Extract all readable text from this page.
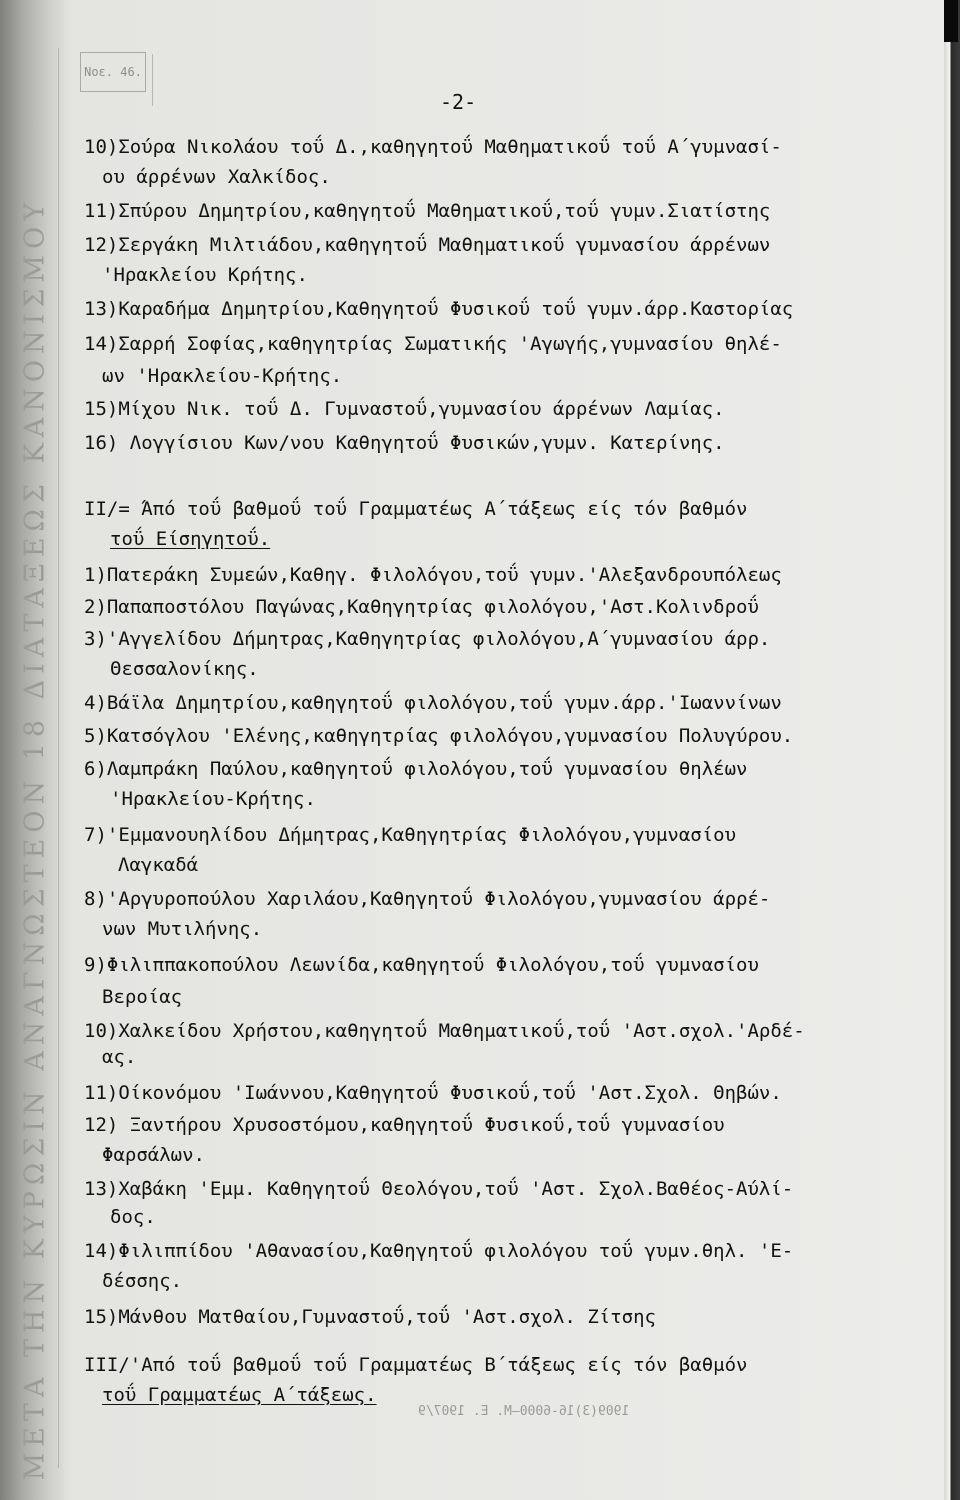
ΜΕΤΑ ΤΗΝ ΚΥΡΩΣΙΝ ΑΝΑΓΝΩΣΤΕΟΝ 18 ΔΙΑΤΑΞΕΩΣ ΚΑΝΟΝΙΣΜΟΥ
Νοε. 46.
-2-
10)Σούρα Νικολάου τοΰ Δ.,καθηγητοΰ Μαθηματικοΰ τοΰ Α΄γυμνασί-
ου άρρένων Χαλκίδος.
11)Σπύρου Δημητρίου,καθηγητοΰ Μαθηματικοΰ,τοΰ γυμν.Σιατίστης
12)Σεργάκη Μιλτιάδου,καθηγητοΰ Μαθηματικοΰ γυμνασίου άρρένων
'Ηρακλείου Κρήτης.
13)Καραδήμα Δημητρίου,Καθηγητοΰ Φυσικοΰ τοΰ γυμν.άρρ.Καστορίας
14)Σαρρή Σοφίας,καθηγητρίας Σωματικής 'Αγωγής,γυμνασίου θηλέ-
ων 'Ηρακλείου-Κρήτης.
15)Μίχου Νικ. τοΰ Δ. Γυμναστοΰ,γυμνασίου άρρένων Λαμίας.
16) Λογγίσιου Κων/νου Καθηγητοΰ Φυσικών,γυμν. Κατερίνης.
ΙΙ/= Άπό τοΰ βαθμοΰ τοΰ Γραμματέως Α΄τάξεως είς τόν βαθμόν
τοΰ Είσηγητοΰ.
1)Πατεράκη Συμεών,Καθηγ. Φιλολόγου,τοΰ γυμν.'Αλεξανδρουπόλεως
2)Παπαποστόλου Παγώνας,Καθηγητρίας φιλολόγου,'Αστ.Κολινδροΰ
3)'Αγγελίδου Δήμητρας,Καθηγητρίας φιλολόγου,Α΄γυμνασίου άρρ.
Θεσσαλονίκης.
4)Βάϊλα Δημητρίου,καθηγητοΰ φιλολόγου,τοΰ γυμν.άρρ.'Ιωαννίνων
5)Κατσόγλου 'Ελένης,καθηγητρίας φιλολόγου,γυμνασίου Πολυγύρου.
6)Λαμπράκη Παύλου,καθηγητοΰ φιλολόγου,τοΰ γυμνασίου θηλέων
'Ηρακλείου-Κρήτης.
7)'Εμμανουηλίδου Δήμητρας,Καθηγητρίας Φιλολόγου,γυμνασίου
Λαγκαδά
8)'Αργυροπούλου Χαριλάου,Καθηγητοΰ Φιλολόγου,γυμνασίου άρρέ-
νων Μυτιλήνης.
9)Φιλιππακοπούλου Λεωνίδα,καθηγητοΰ Φιλολόγου,τοΰ γυμνασίου
Βεροίας
10)Χαλκείδου Χρήστου,καθηγητοΰ Μαθηματικοΰ,τοΰ 'Αστ.σχολ.'Αρδέ-
ας.
11)Οίκονόμου 'Ιωάννου,Καθηγητοΰ Φυσικοΰ,τοΰ 'Αστ.Σχολ. Θηβών.
12) Ξαντήρου Χρυσοστόμου,καθηγητοΰ Φυσικοΰ,τοΰ γυμνασίου
Φαρσάλων.
13)Χαβάκη 'Εμμ. Καθηγητοΰ Θεολόγου,τοΰ 'Αστ. Σχολ.Βαθέος-Αύλί-
δος.
14)Φιλιππίδου 'Αθανασίου,Καθηγητοΰ φιλολόγου τοΰ γυμν.θηλ. 'Ε-
δέσσης.
15)Μάνθου Ματθαίου,Γυμναστοΰ,τοΰ 'Αστ.σχολ. Ζίτσης
ΙΙΙ/'Από τοΰ βαθμοΰ τοΰ Γραμματέως Β΄τάξεως είς τόν βαθμόν
τοΰ Γραμματέως Α΄τάξεως.
1909(3)16-6000—M. E. 1907/9
